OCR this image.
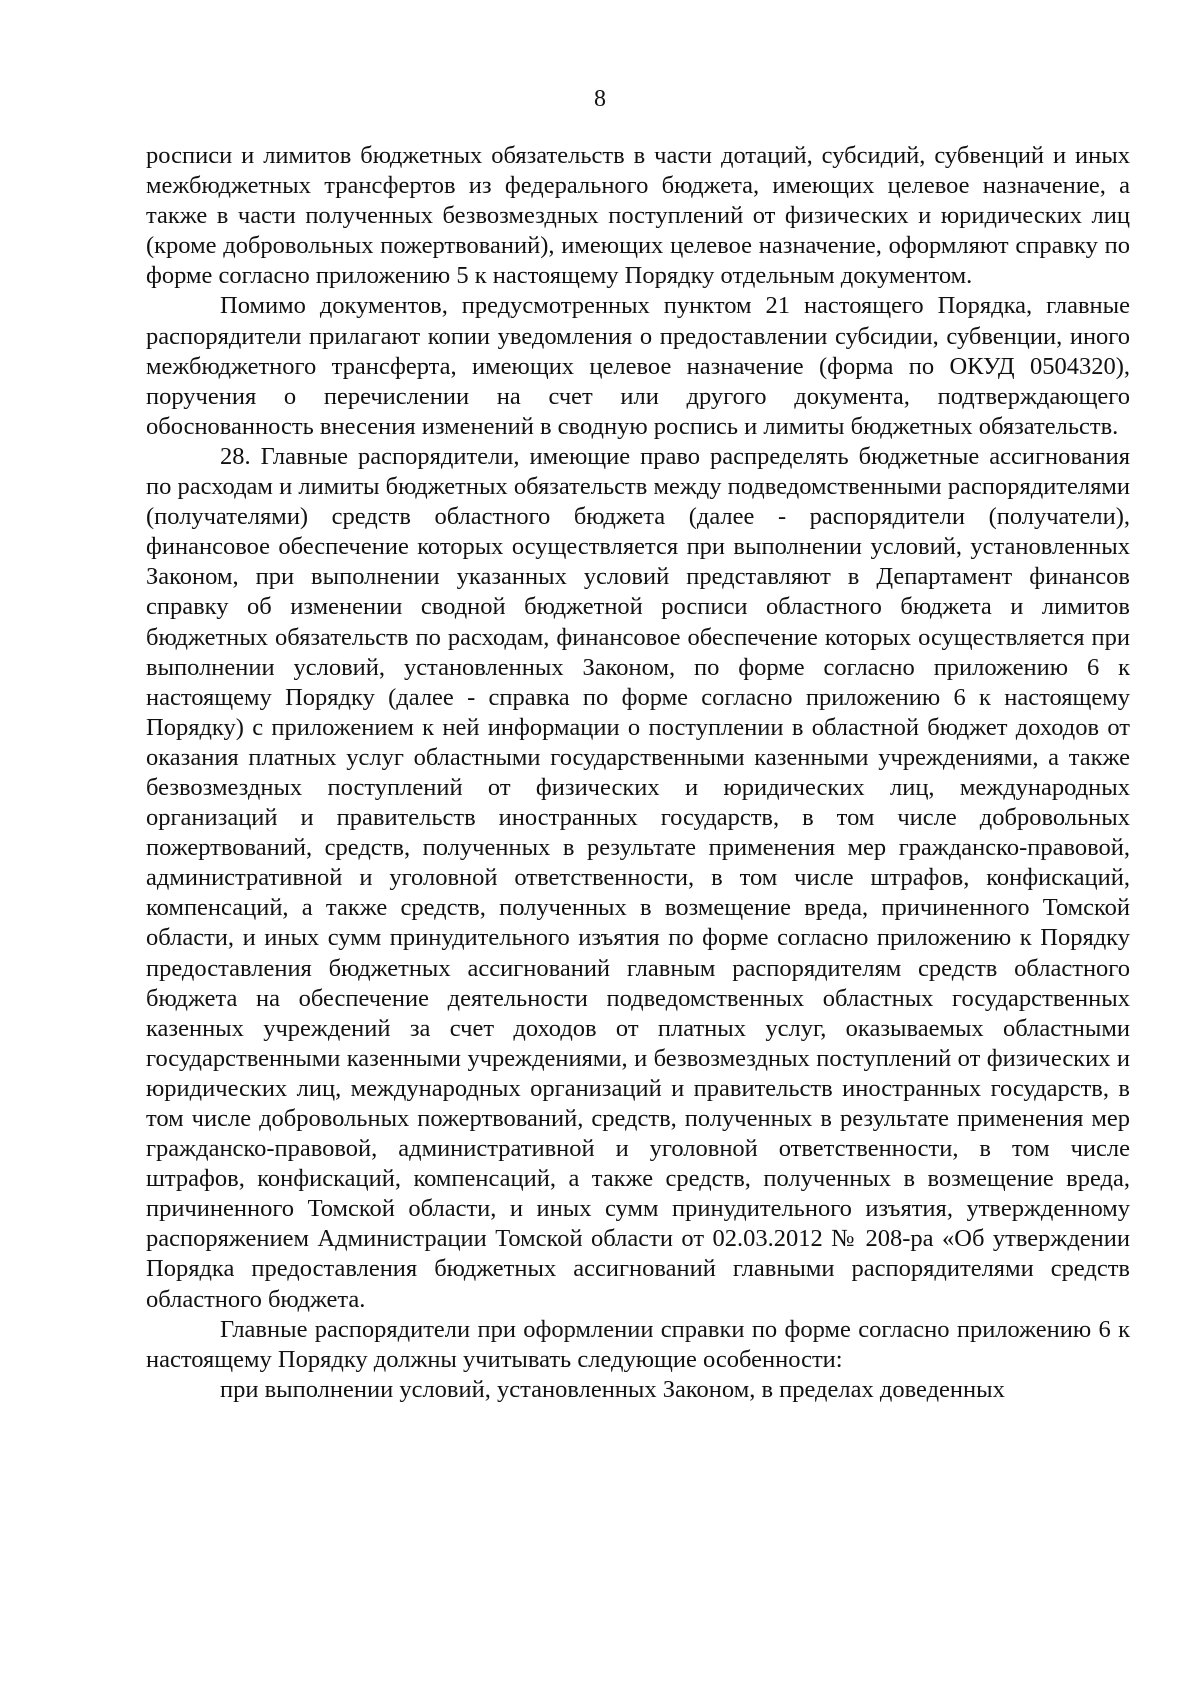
8

росписи и лимитов бюджетных обязательств в части дотаций, субсидий, субвенций и иных межбюджетных трансфертов из федерального бюджета, имеющих целевое назначение, а также в части полученных безвозмездных поступлений от физических и юридических лиц (кроме добровольных пожертвований), имеющих целевое назначение, оформляют справку по форме согласно приложению 5 к настоящему Порядку отдельным документом.

Помимо документов, предусмотренных пунктом 21 настоящего Порядка, главные распорядители прилагают копии уведомления о предоставлении субсидии, субвенции, иного межбюджетного трансферта, имеющих целевое назначение (форма по ОКУД 0504320), поручения о перечислении на счет или другого документа, подтверждающего обоснованность внесения изменений в сводную роспись и лимиты бюджетных обязательств.

28. Главные распорядители, имеющие право распределять бюджетные ассигнования по расходам и лимиты бюджетных обязательств между подведомственными распорядителями (получателями) средств областного бюджета (далее - распорядители (получатели), финансовое обеспечение которых осуществляется при выполнении условий, установленных Законом, при выполнении указанных условий представляют в Департамент финансов справку об изменении сводной бюджетной росписи областного бюджета и лимитов бюджетных обязательств по расходам, финансовое обеспечение которых осуществляется при выполнении условий, установленных Законом, по форме согласно приложению 6 к настоящему Порядку (далее - справка по форме согласно приложению 6 к настоящему Порядку) с приложением к ней информации о поступлении в областной бюджет доходов от оказания платных услуг областными государственными казенными учреждениями, а также безвозмездных поступлений от физических и юридических лиц, международных организаций и правительств иностранных государств, в том числе добровольных пожертвований, средств, полученных в результате применения мер гражданско-правовой, административной и уголовной ответственности, в том числе штрафов, конфискаций, компенсаций, а также средств, полученных в возмещение вреда, причиненного Томской области, и иных сумм принудительного изъятия по форме согласно приложению к Порядку предоставления бюджетных ассигнований главным распорядителям средств областного бюджета на обеспечение деятельности подведомственных областных государственных казенных учреждений за счет доходов от платных услуг, оказываемых областными государственными казенными учреждениями, и безвозмездных поступлений от физических и юридических лиц, международных организаций и правительств иностранных государств, в том числе добровольных пожертвований, средств, полученных в результате применения мер гражданско-правовой, административной и уголовной ответственности, в том числе штрафов, конфискаций, компенсаций, а также средств, полученных в возмещение вреда, причиненного Томской области, и иных сумм принудительного изъятия, утвержденному распоряжением Администрации Томской области от 02.03.2012 № 208-ра «Об утверждении Порядка предоставления бюджетных ассигнований главными распорядителями средств областного бюджета.

Главные распорядители при оформлении справки по форме согласно приложению 6 к настоящему Порядку должны учитывать следующие особенности:

при выполнении условий, установленных Законом, в пределах доведенных
